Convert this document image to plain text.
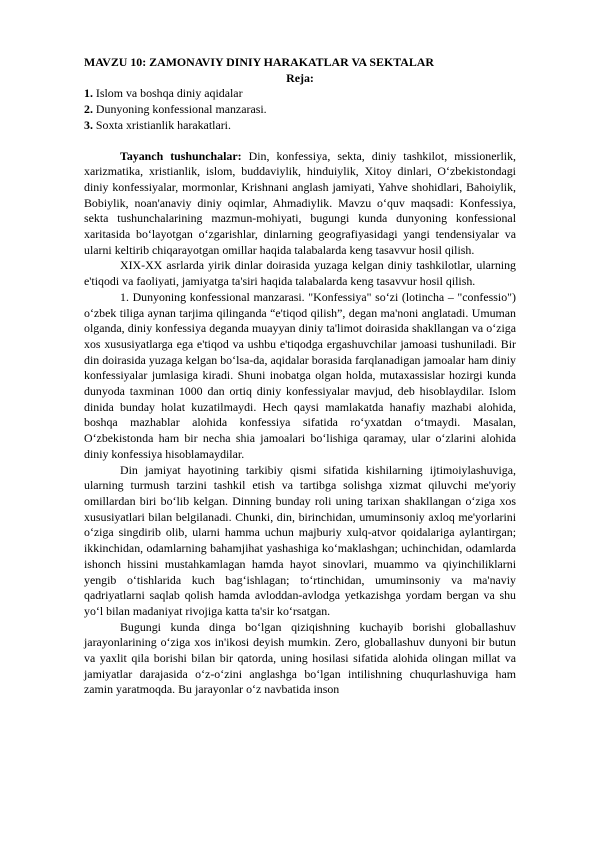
MAVZU 10: ZAMONAVIY DINIY HARAKATLAR VA SEKTALAR

Reja:

1. Islom va boshqa diniy aqidalar

2. Dunyoning konfessional manzarasi.

3. Soxta xristianlik harakatlari.

Tayanch tushunchalar: Din, konfessiya, sekta, diniy tashkilot, missionerlik, xarizmatika, xristianlik, islom, buddaviylik, hinduiylik, Xitoy dinlari, O‘zbekistondagi diniy konfessiyalar, mormonlar, Krishnani anglash jamiyati, Yahve shohidlari, Bahoiylik, Bobiylik, noan'anaviy diniy oqimlar, Ahmadiylik. Mavzu o‘quv maqsadi: Konfessiya, sekta tushunchalarining mazmun-mohiyati, bugungi kunda dunyoning konfessional xaritasida bo‘layotgan o‘zgarishlar, dinlarning geografiyasidagi yangi tendensiyalar va ularni keltirib chiqarayotgan omillar haqida talabalarda keng tasavvur hosil qilish.

XIX-XX asrlarda yirik dinlar doirasida yuzaga kelgan diniy tashkilotlar, ularning e'tiqodi va faoliyati, jamiyatga ta'siri haqida talabalarda keng tasavvur hosil qilish.

1. Dunyoning konfessional manzarasi. "Konfessiya" so‘zi (lotincha – "confessio") o‘zbek tiliga aynan tarjima qilinganda “e'tiqod qilish”, degan ma'noni anglatadi. Umuman olganda, diniy konfessiya deganda muayyan diniy ta'limot doirasida shakllangan va o‘ziga xos xususiyatlarga ega e'tiqod va ushbu e'tiqodga ergashuvchilar jamoasi tushuniladi. Bir din doirasida yuzaga kelgan bo‘lsa-da, aqidalar borasida farqlanadigan jamoalar ham diniy konfessiyalar jumlasiga kiradi. Shuni inobatga olgan holda, mutaxassislar hozirgi kunda dunyoda taxminan 1000 dan ortiq diniy konfessiyalar mavjud, deb hisoblaydilar. Islom dinida bunday holat kuzatilmaydi. Hech qaysi mamlakatda hanafiy mazhabi alohida, boshqa mazhablar alohida konfessiya sifatida ro‘yxatdan o‘tmaydi. Masalan, O‘zbekistonda ham bir necha shia jamoalari bo‘lishiga qaramay, ular o‘zlarini alohida diniy konfessiya hisoblamaydilar.

Din jamiyat hayotining tarkibiy qismi sifatida kishilarning ijtimoiylashuviga, ularning turmush tarzini tashkil etish va tartibga solishga xizmat qiluvchi me'yoriy omillardan biri bo‘lib kelgan. Dinning bunday roli uning tarixan shakllangan o‘ziga xos xususiyatlari bilan belgilanadi. Chunki, din, birinchidan, umuminsoniy axloq me'yorlarini o‘ziga singdirib olib, ularni hamma uchun majburiy xulq-atvor qoidalariga aylantirgan; ikkinchidan, odamlarning bahamjihat yashashiga ko‘maklashgan; uchinchidan, odamlarda ishonch hissini mustahkamlagan hamda hayot sinovlari, muammo va qiyinchiliklarni yengib o‘tishlarida kuch bag‘ishlagan; to‘rtinchidan, umuminsoniy va ma'naviy qadriyatlarni saqlab qolish hamda avloddan-avlodga yetkazishga yordam bergan va shu yo‘l bilan madaniyat rivojiga katta ta'sir ko‘rsatgan.

Bugungi kunda dinga bo‘lgan qiziqishning kuchayib borishi globallashuv jarayonlarining o‘ziga xos in'ikosi deyish mumkin. Zero, globallashuv dunyoni bir butun va yaxlit qila borishi bilan bir qatorda, uning hosilasi sifatida alohida olingan millat va jamiyatlar darajasida o‘z-o‘zini anglashga bo‘lgan intilishning chuqurlashuviga ham zamin yaratmoqda. Bu jarayonlar o‘z navbatida inson
